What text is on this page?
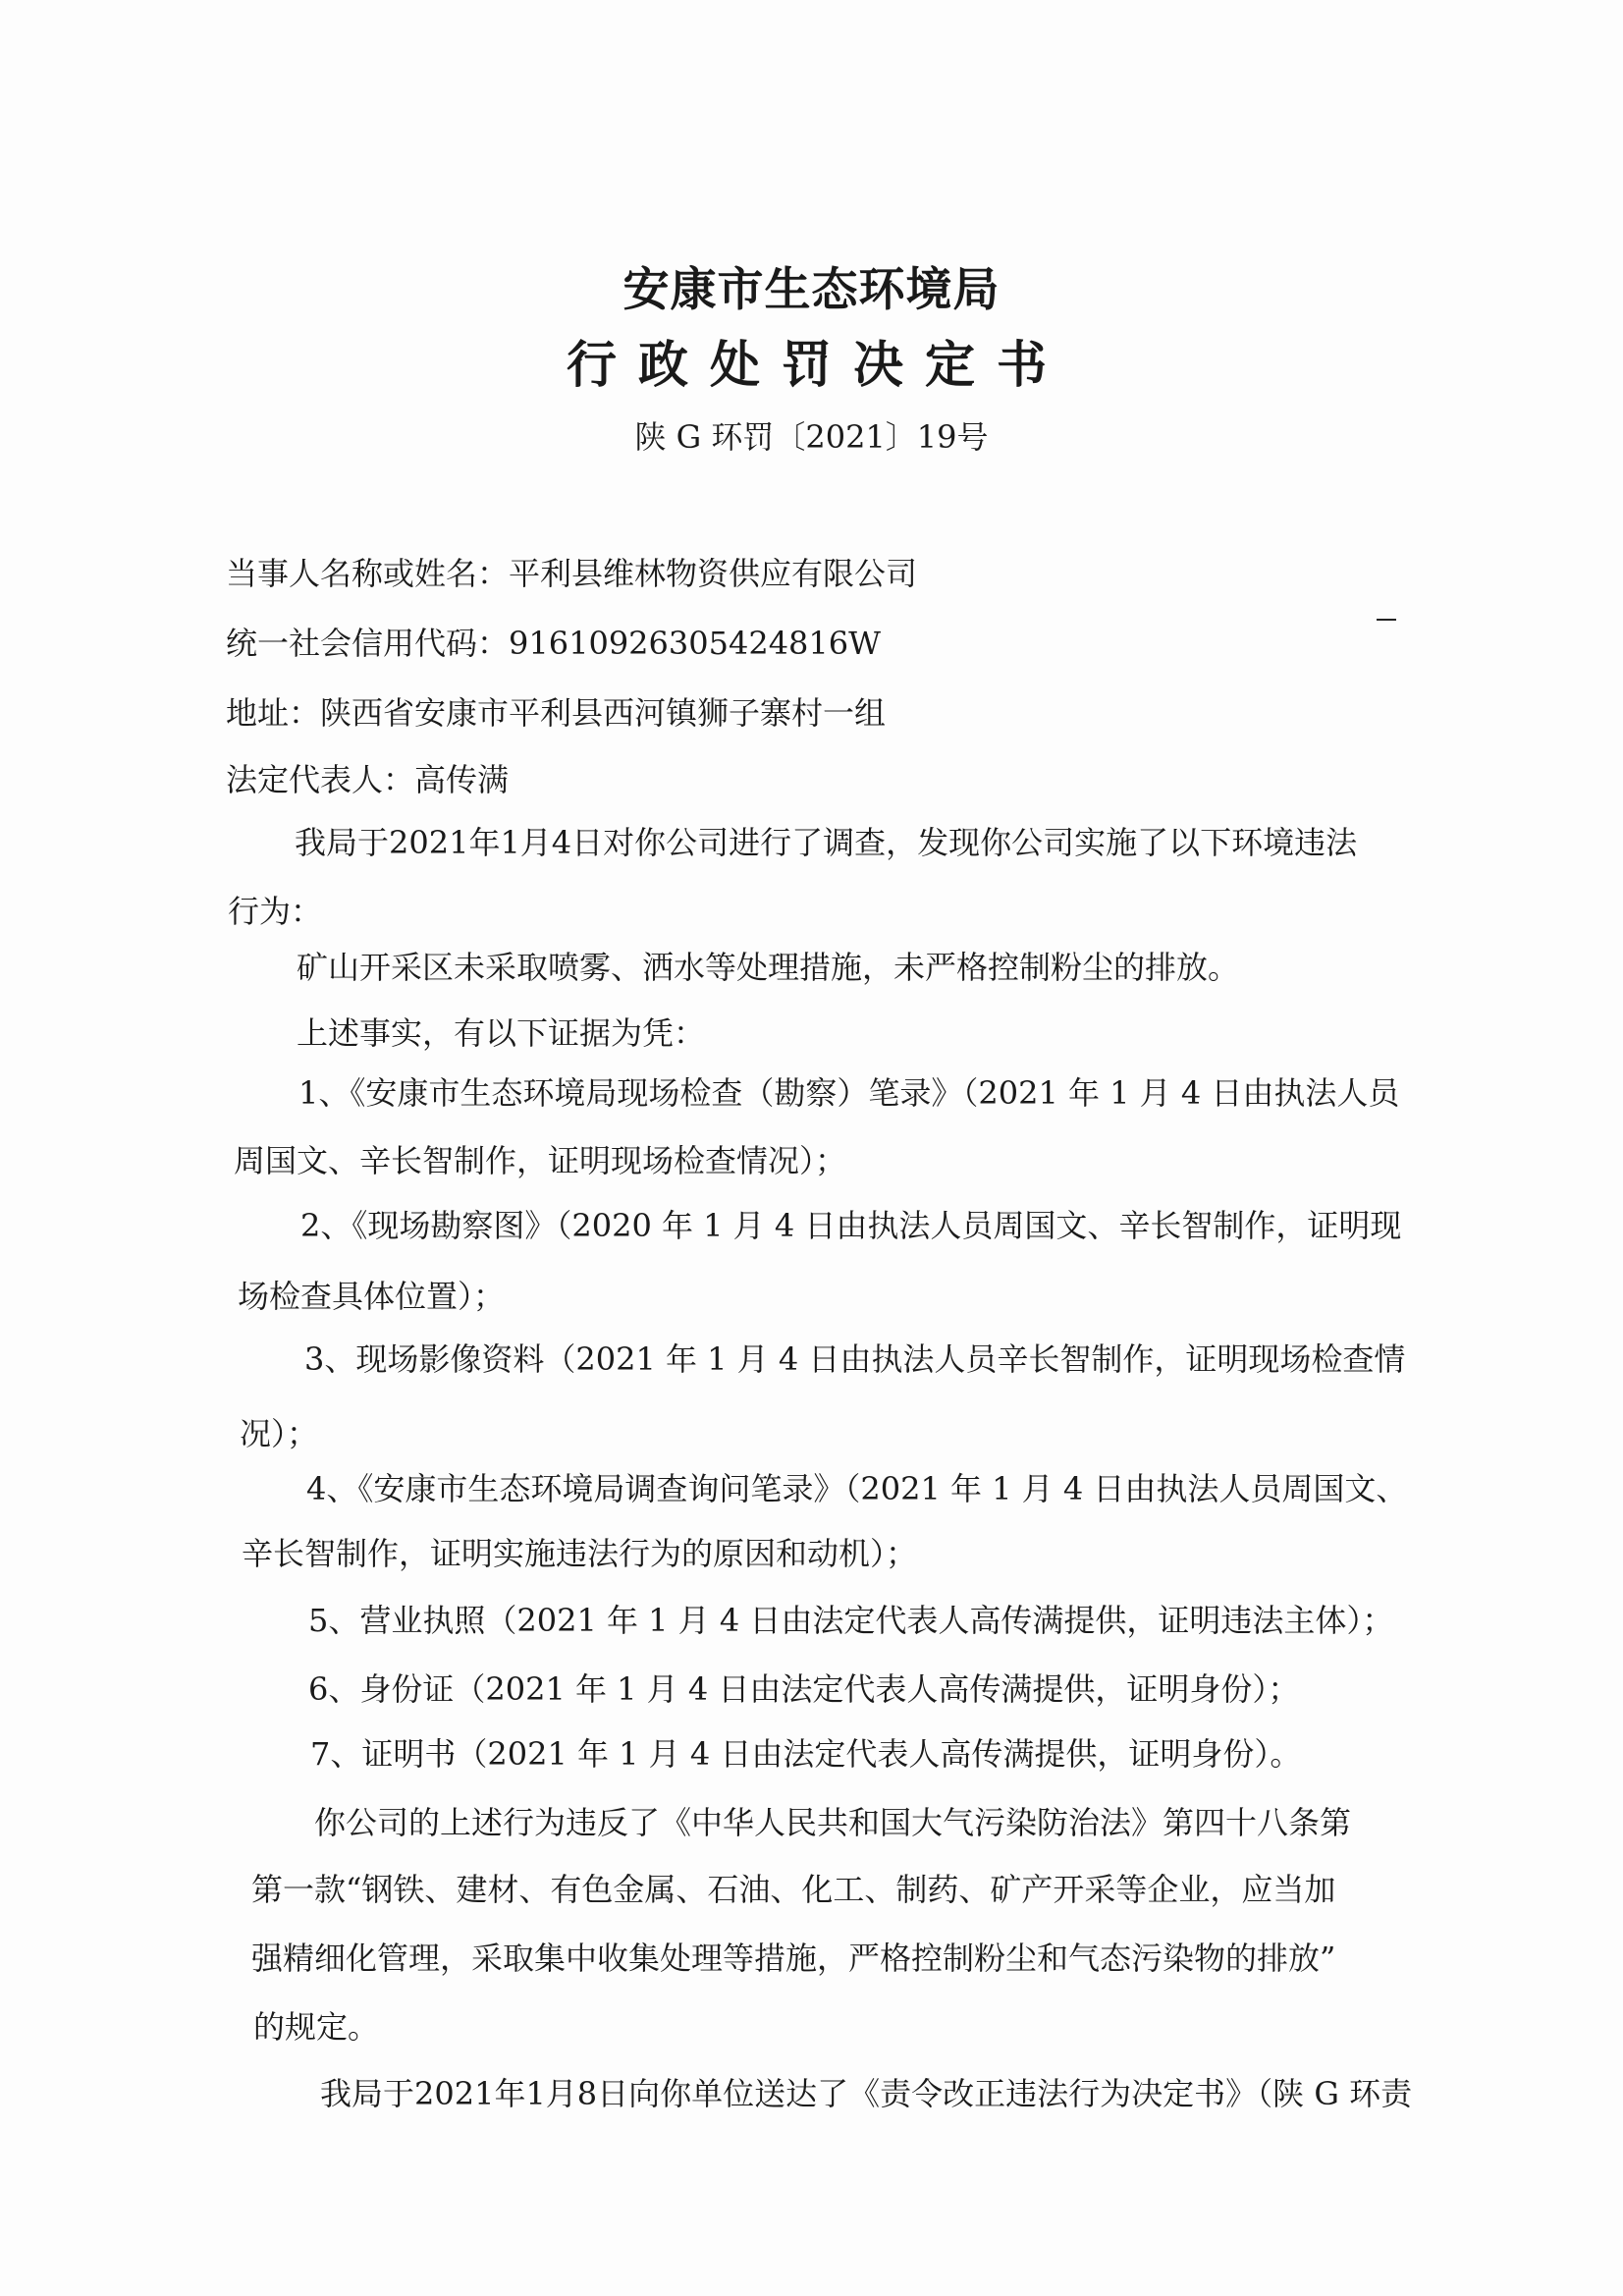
安康市生态环境局
行政处罚决定书
陕 G 环罚〔2021〕19号
当事人名称或姓名：平利县维林物资供应有限公司
统一社会信用代码：91610926305424816W
地址：陕西省安康市平利县西河镇狮子寨村一组
法定代表人：高传满
我局于2021年1月4日对你公司进行了调查，发现你公司实施了以下环境违法
行为：
矿山开采区未采取喷雾、洒水等处理措施，未严格控制粉尘的排放。
上述事实，有以下证据为凭：
1、《安康市生态环境局现场检查（勘察）笔录》（2021 年 1 月 4 日由执法人员
周国文、辛长智制作，证明现场检查情况）；
2、《现场勘察图》（2020 年 1 月 4 日由执法人员周国文、辛长智制作，证明现
场检查具体位置）；
3、现场影像资料（2021 年 1 月 4 日由执法人员辛长智制作，证明现场检查情
况）；
4、《安康市生态环境局调查询问笔录》（2021 年 1 月 4 日由执法人员周国文、
辛长智制作，证明实施违法行为的原因和动机）；
5、营业执照（2021 年 1 月 4 日由法定代表人高传满提供，证明违法主体）；
6、身份证（2021 年 1 月 4 日由法定代表人高传满提供，证明身份）；
7、证明书（2021 年 1 月 4 日由法定代表人高传满提供，证明身份）。
你公司的上述行为违反了《中华人民共和国大气污染防治法》第四十八条第
第一款“钢铁、建材、有色金属、石油、化工、制药、矿产开采等企业，应当加
强精细化管理，采取集中收集处理等措施，严格控制粉尘和气态污染物的排放”
的规定。
我局于2021年1月8日向你单位送达了《责令改正违法行为决定书》（陕 G 环责
